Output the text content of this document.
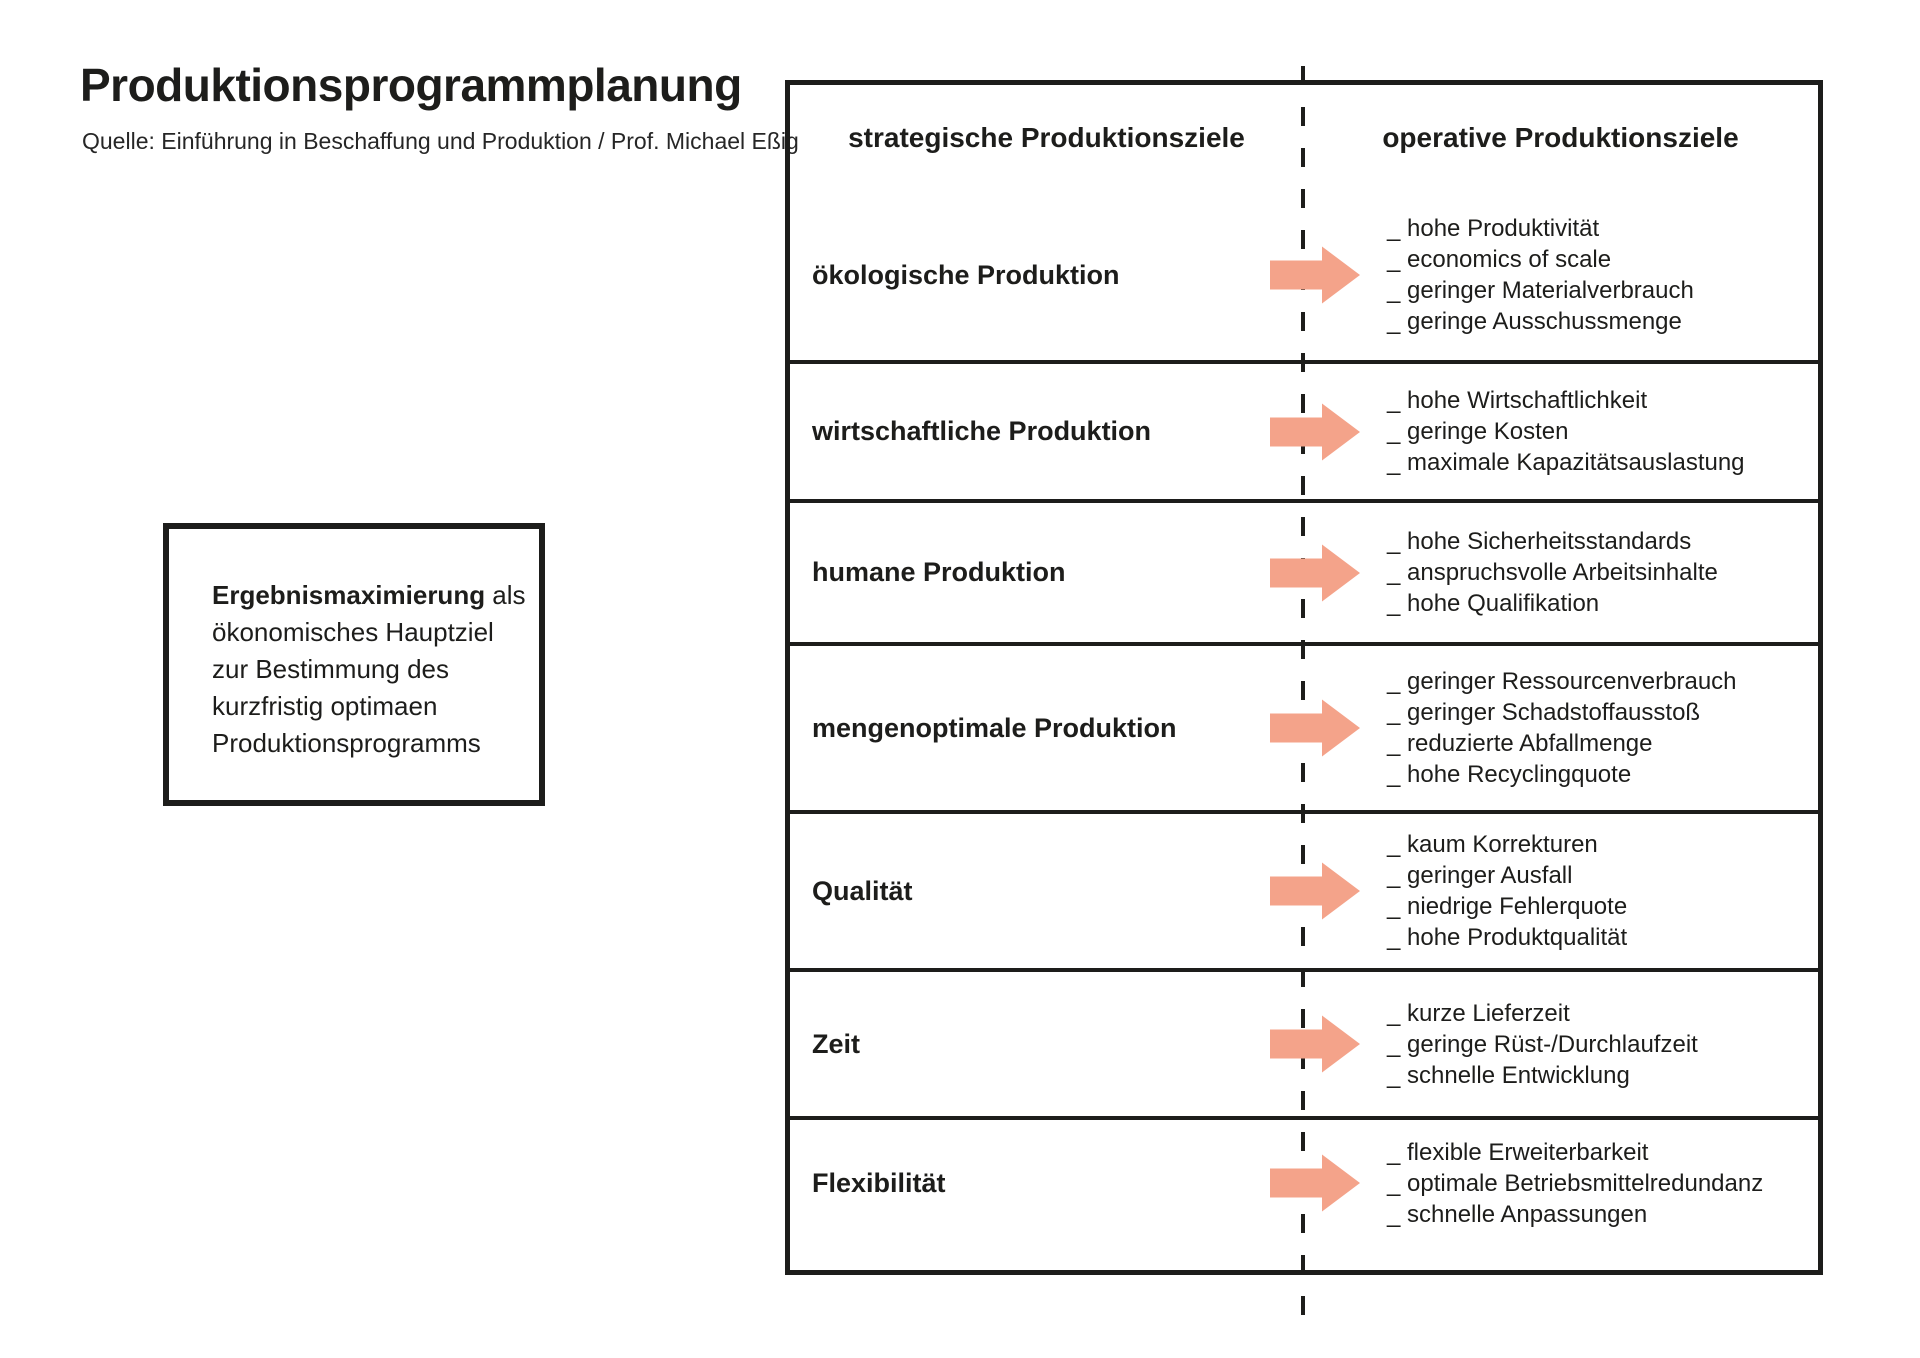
Produktionsprogrammplanung
Quelle: Einführung in Beschaffung und Produktion / Prof. Michael Eßig

Ergebnismaximierung als
ökonomisches Hauptziel
zur Bestimmung des
kurzfristig optimaen
Produktionsprogramms

strategische Produktionsziele	operative Produktionsziele
ökologische Produktion
_ hohe Produktivität
_ economics of scale
_ geringer Materialverbrauch
_ geringe Ausschussmenge
wirtschaftliche Produktion
_ hohe Wirtschaftlichkeit
_ geringe Kosten
_ maximale Kapazitätsauslastung
humane Produktion
_ hohe Sicherheitsstandards
_ anspruchsvolle Arbeitsinhalte
_ hohe Qualifikation
mengenoptimale Produktion
_ geringer Ressourcenverbrauch
_ geringer Schadstoffausstoß
_ reduzierte Abfallmenge
_ hohe Recyclingquote
Qualität
_ kaum Korrekturen
_ geringer Ausfall
_ niedrige Fehlerquote
_ hohe Produktqualität
Zeit
_ kurze Lieferzeit
_ geringe Rüst-/Durchlaufzeit
_ schnelle Entwicklung
Flexibilität
_ flexible Erweiterbarkeit
_ optimale Betriebsmittelredundanz
_ schnelle Anpassungen
